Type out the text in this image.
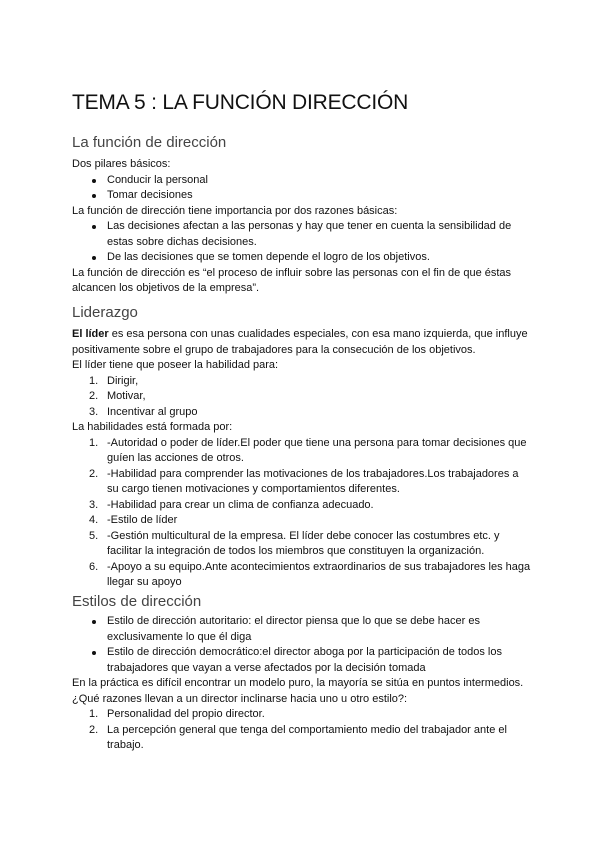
TEMA 5 : LA FUNCIÓN DIRECCIÓN
La función de dirección

Dos pilares básicos:

Conducir la personal
Tomar decisiones

La función de dirección tiene importancia por dos razones básicas:

Las decisiones afectan a las personas y hay que tener en cuenta la sensibilidad de estas sobre dichas decisiones.
De las decisiones que se tomen depende el logro de los objetivos.

La función de dirección es “el proceso de influir sobre las personas con el fin de que éstas alcancen los objetivos de la empresa”.

Liderazgo

El líder es esa persona con unas cualidades especiales, con esa mano izquierda, que influye positivamente sobre el grupo de trabajadores para la consecución de los objetivos.

El líder tiene que poseer la habilidad para:

1. Dirigir,
2. Motivar,
3. Incentivar al grupo

La habilidades está formada por:

1. -Autoridad o poder de líder.El poder que tiene una persona para tomar decisiones que guíen las acciones de otros.
2. -Habilidad para comprender las motivaciones de los trabajadores.Los trabajadores a su cargo tienen motivaciones y comportamientos diferentes.
3. -Habilidad para crear un clima de confianza adecuado.
4. -Estilo de líder
5. -Gestión multicultural de la empresa. El líder debe conocer las costumbres etc. y facilitar la integración de todos los miembros que constituyen la organización.
6. -Apoyo a su equipo.Ante acontecimientos extraordinarios de sus trabajadores les haga llegar su apoyo
Estilos de dirección
Estilo de dirección autoritario: el director piensa que lo que se debe hacer es exclusivamente lo que él diga
Estilo de dirección democrático:el director aboga por la participación de todos los trabajadores que vayan a verse afectados por la decisión tomada

En la práctica es difícil encontrar un modelo puro, la mayoría se sitúa en puntos intermedios.

¿Qué razones llevan a un director inclinarse hacia uno u otro estilo?:

1. Personalidad del propio director.
2. La percepción general que tenga del comportamiento medio del trabajador ante el trabajo.
